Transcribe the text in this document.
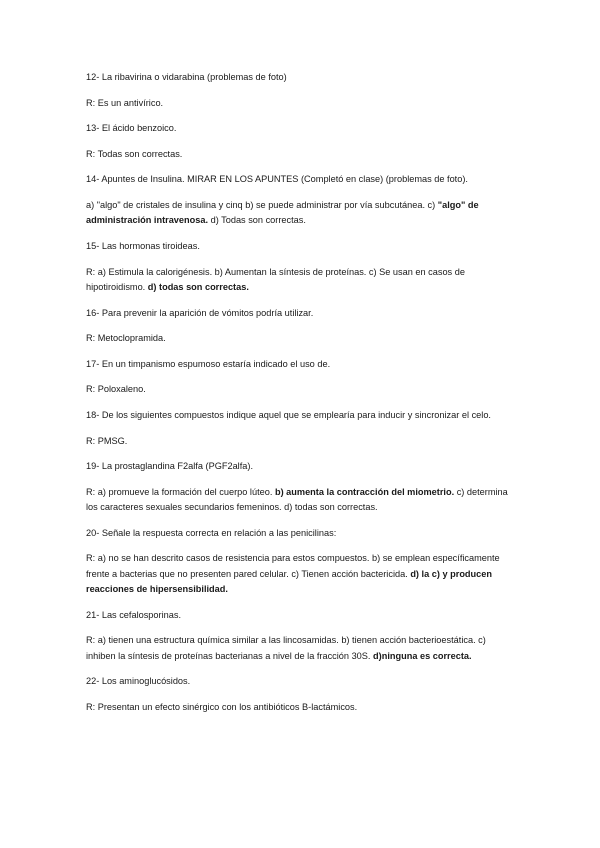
12- La ribavirina o vidarabina (problemas de foto)

R: Es un antivírico.

13- El ácido benzoico.

R: Todas son correctas.

14- Apuntes de Insulina. MIRAR EN LOS APUNTES (Completó en clase) (problemas de foto).

a) "algo" de cristales de insulina y cinq b) se puede administrar por vía subcutánea. c) "algo" de administración intravenosa. d) Todas son correctas.

15- Las hormonas tiroideas.

R: a) Estimula la calorigénesis. b) Aumentan la síntesis de proteínas. c) Se usan en casos de hipotiroidismo. d) todas son correctas.

16- Para prevenir la aparición de vómitos podría utilizar.

R: Metoclopramida.

17- En un timpanismo espumoso estaría indicado el uso de.

R: Poloxaleno.

18- De los siguientes compuestos indique aquel que se emplearía para inducir y sincronizar el celo.

R: PMSG.

19- La prostaglandina F2alfa (PGF2alfa).

R: a) promueve la formación del cuerpo lúteo. b) aumenta la contracción del miometrio. c) determina los caracteres sexuales secundarios femeninos. d) todas son correctas.

20- Señale la respuesta correcta en relación a las penicilinas:

R: a) no se han descrito casos de resistencia para estos compuestos. b) se emplean específicamente frente a bacterias que no presenten pared celular. c) Tienen acción bactericida. d) la c) y producen reacciones de hipersensibilidad.

21- Las cefalosporinas.

R: a) tienen una estructura química similar a las lincosamidas. b) tienen acción bacterioestática. c) inhiben la síntesis de proteínas bacterianas a nivel de la fracción 30S. d)ninguna es correcta.

22- Los aminoglucósidos.

R: Presentan un efecto sinérgico con los antibióticos B-lactámicos.
